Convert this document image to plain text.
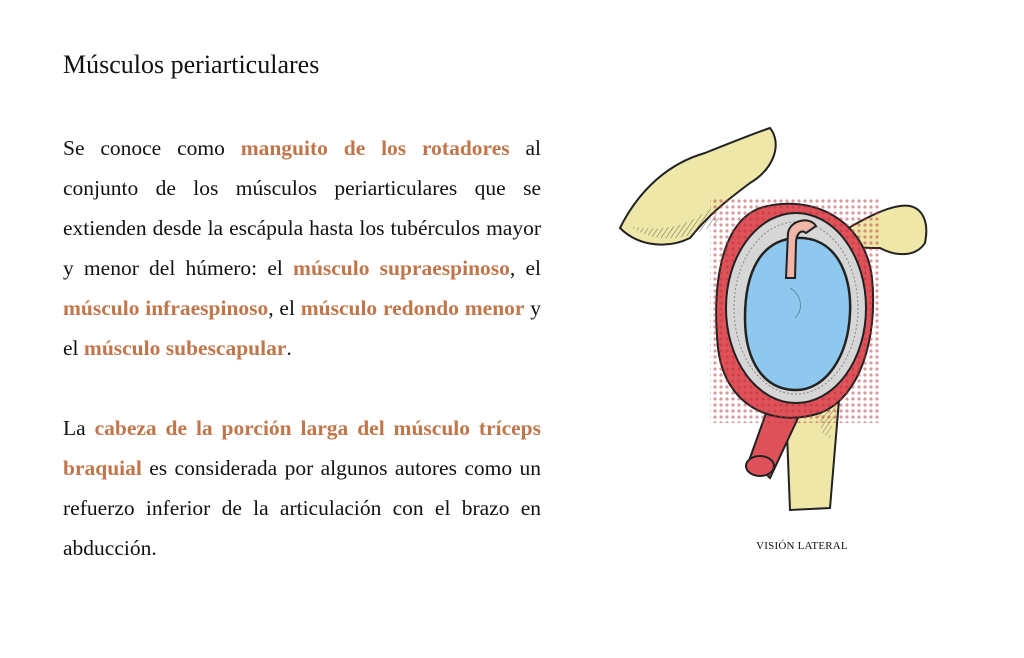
Músculos periarticulares

Se conoce como manguito de los rotadores al conjunto de los músculos periarticulares que se extienden desde la escápula hasta los tubérculos mayor y menor del húmero: el músculo supraespinoso, el músculo infraespinoso, el músculo redondo menor y el músculo subescapular.

La cabeza de la porción larga del músculo tríceps braquial es considerada por algunos autores como un refuerzo inferior de la articulación con el brazo en abducción.	VISIÓN LATERAL
